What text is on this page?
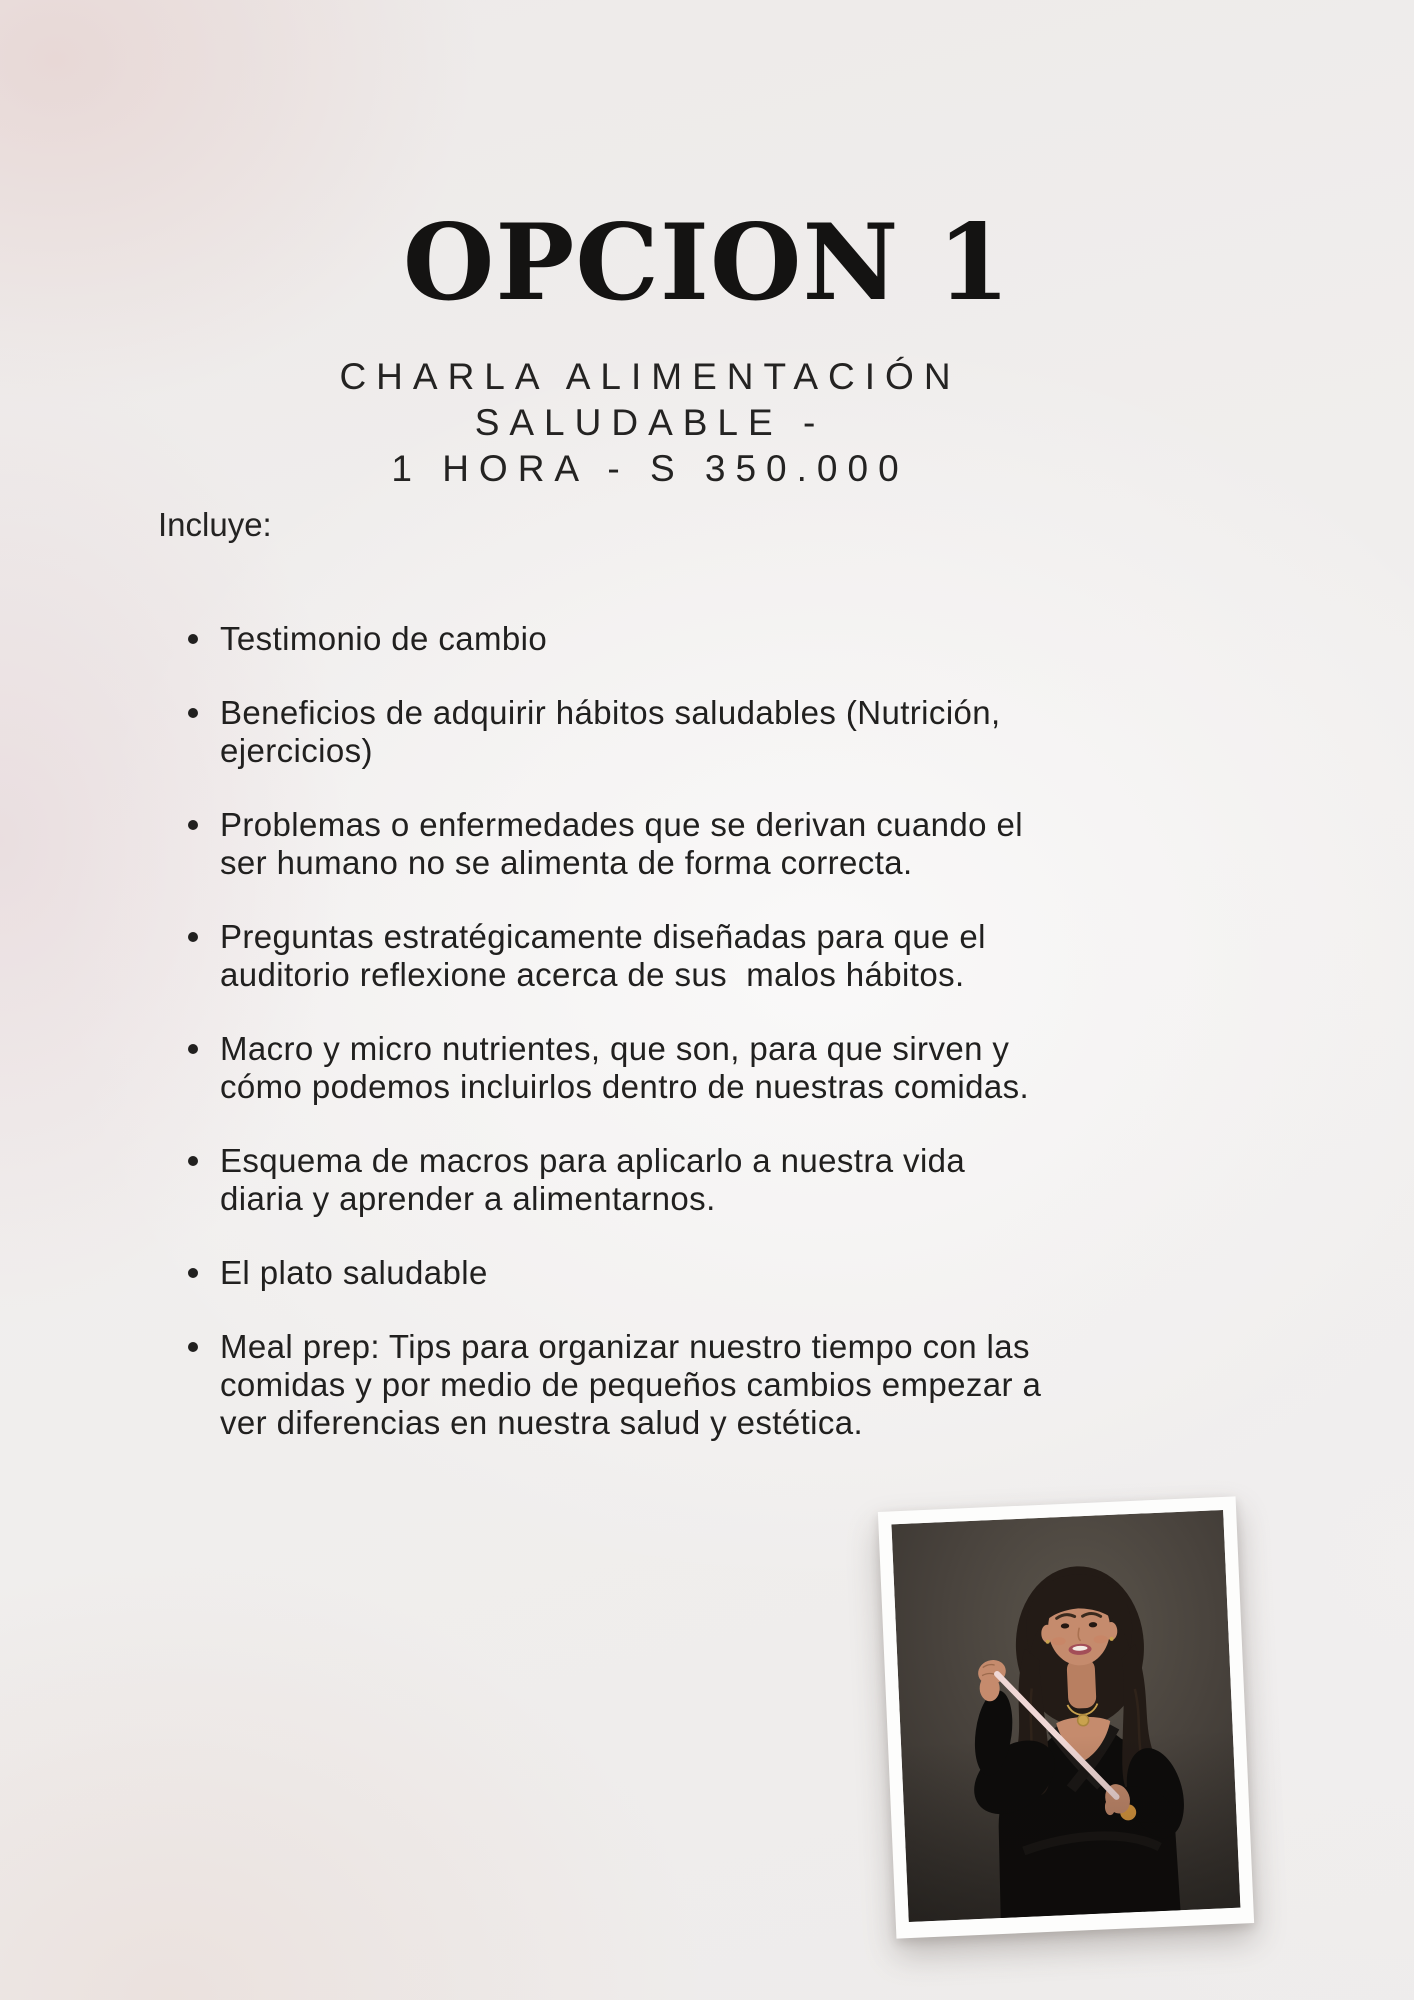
OPCION 1
CHARLA ALIMENTACIÓN
SALUDABLE -
1 HORA - S 350.000
Incluye:
Testimonio de cambio
Beneficios de adquirir hábitos saludables (Nutrición,
ejercicios)
Problemas o enfermedades que se derivan cuando el
ser humano no se alimenta de forma correcta.
Preguntas estratégicamente diseñadas para que el
auditorio reflexione acerca de sus  malos hábitos.
Macro y micro nutrientes, que son, para que sirven y
cómo podemos incluirlos dentro de nuestras comidas.
Esquema de macros para aplicarlo a nuestra vida
diaria y aprender a alimentarnos.
El plato saludable
Meal prep: Tips para organizar nuestro tiempo con las
comidas y por medio de pequeños cambios empezar a
ver diferencias en nuestra salud y estética.
